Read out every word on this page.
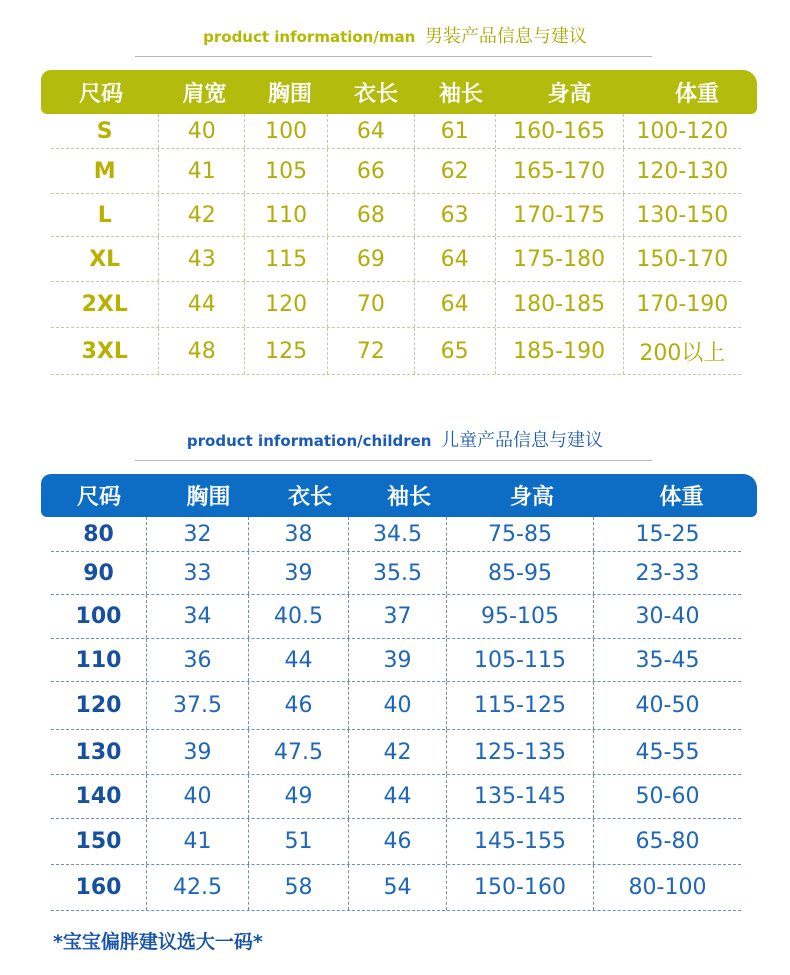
product information/man 男装产品信息与建议
尺码	肩宽	胸围	衣长	袖长	身高	体重
S	40	100	64	61	160-165	100-120
M	41	105	66	62	165-170	120-130
L	42	110	68	63	170-175	130-150
XL	43	115	69	64	175-180	150-170
2XL	44	120	70	64	180-185	170-190
3XL	48	125	72	65	185-190	200以上
product information/children 儿童产品信息与建议
尺码	胸围	衣长	袖长	身高	体重
80	32	38	34.5	75-85	15-25
90	33	39	35.5	85-95	23-33
100	34	40.5	37	95-105	30-40
110	36	44	39	105-115	35-45
120	37.5	46	40	115-125	40-50
130	39	47.5	42	125-135	45-55
140	40	49	44	135-145	50-60
150	41	51	46	145-155	65-80
160	42.5	58	54	150-160	80-100
*宝宝偏胖建议选大一码*
